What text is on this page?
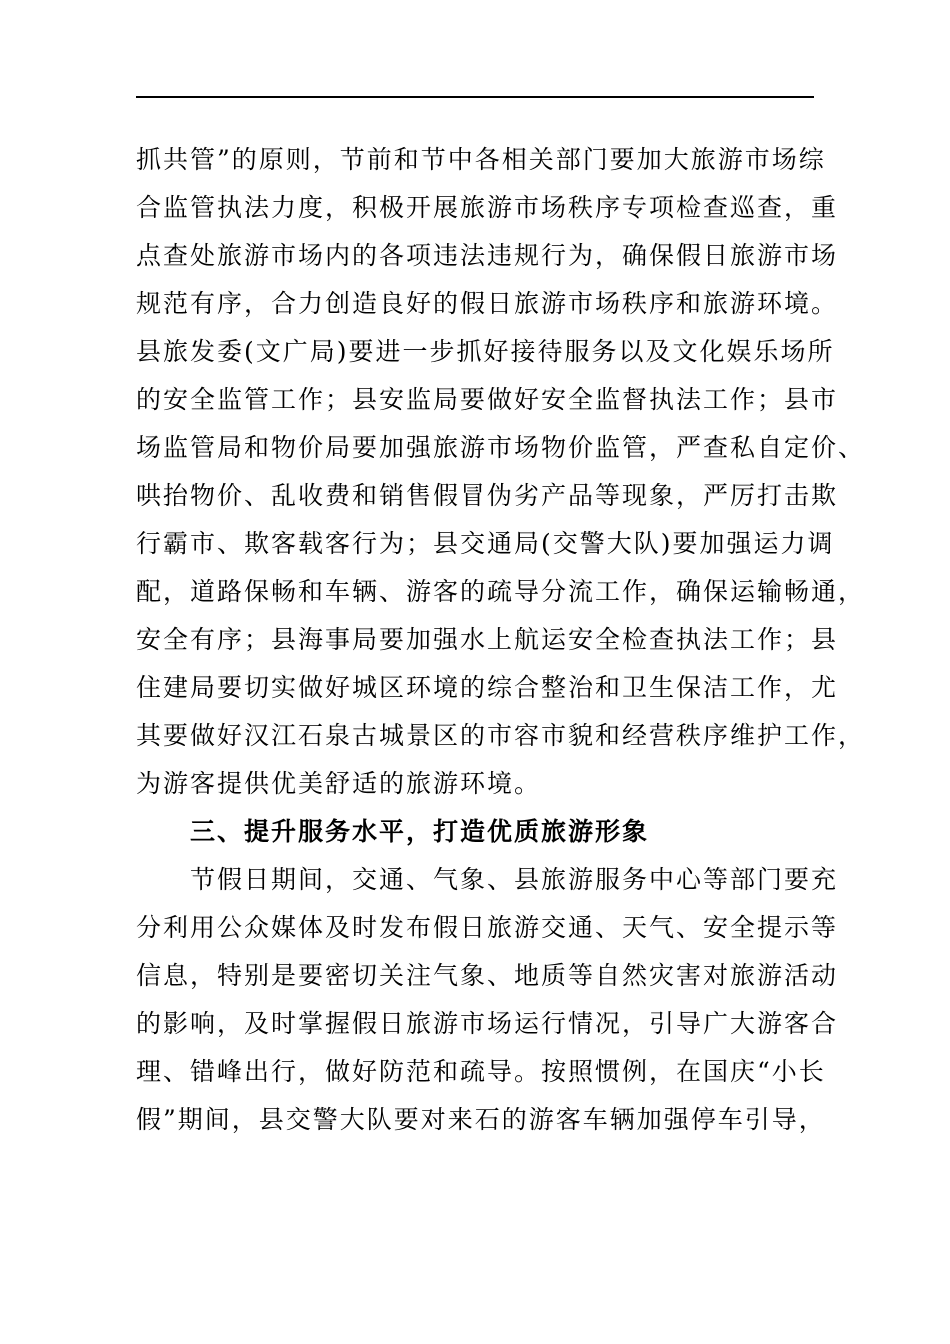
抓共管”的原则，节前和节中各相关部门要加大旅游市场综
合监管执法力度，积极开展旅游市场秩序专项检查巡查，重
点查处旅游市场内的各项违法违规行为，确保假日旅游市场
规范有序，合力创造良好的假日旅游市场秩序和旅游环境。
县旅发委(文广局)要进一步抓好接待服务以及文化娱乐场所
的安全监管工作；县安监局要做好安全监督执法工作；县市
场监管局和物价局要加强旅游市场物价监管，严查私自定价、
哄抬物价、乱收费和销售假冒伪劣产品等现象，严厉打击欺
行霸市、欺客载客行为；县交通局(交警大队)要加强运力调
配，道路保畅和车辆、游客的疏导分流工作，确保运输畅通，
安全有序；县海事局要加强水上航运安全检查执法工作；县
住建局要切实做好城区环境的综合整治和卫生保洁工作，尤
其要做好汉江石泉古城景区的市容市貌和经营秩序维护工作，
为游客提供优美舒适的旅游环境。
三、提升服务水平，打造优质旅游形象
节假日期间，交通、气象、县旅游服务中心等部门要充
分利用公众媒体及时发布假日旅游交通、天气、安全提示等
信息，特别是要密切关注气象、地质等自然灾害对旅游活动
的影响，及时掌握假日旅游市场运行情况，引导广大游客合
理、错峰出行，做好防范和疏导。按照惯例，在国庆“小长
假”期间，县交警大队要对来石的游客车辆加强停车引导，
